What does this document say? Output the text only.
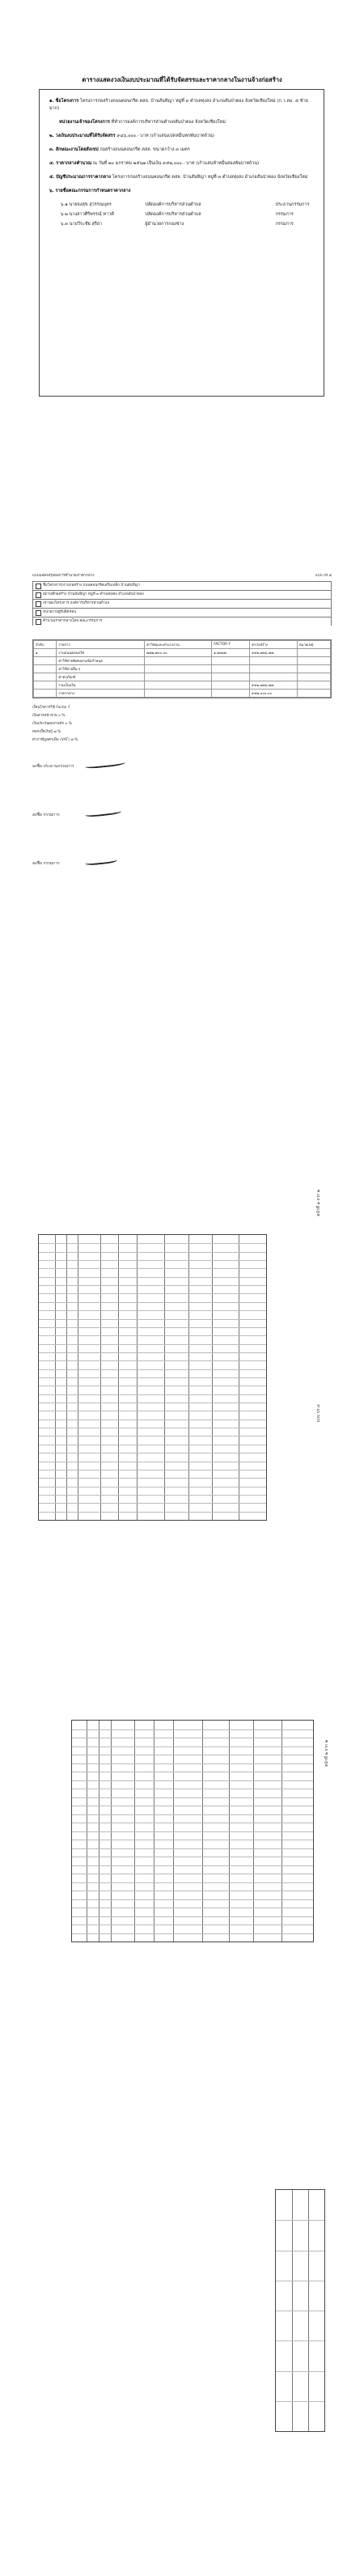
ตารางแสดงวงเงินงบประมาณที่ได้รับจัดสรรและราคากลางในงานจ้างก่อสร้าง
๑. ชื่อโครงการ โครงการก่อสร้างถนนคอนกรีต คสล. บ้านสันทิญา หมู่ที่ ๓ ตำบลทุ่งสง อำเภอสันป่าตอง จังหวัดเชียงใหม่ (ก.ว.ลม. ๕ ซ้ายมาก)
หน่วยงานเจ้าของโครงการ ที่ทำการองค์การบริหารส่วนตำบลสันป่าตอง จังหวัดเชียงใหม่
๒. วงเงินงบประมาณที่ได้รับจัดสรร ๙๘๖,๐๐๐.- บาท (เก้าแสนแปดหมื่นหกพันบาทถ้วน)
๓. ลักษณะงานโดยสังเขป ก่อสร้างถนนคอนกรีต คสล. ขนาดกว้าง ๓ เมตร
๔. ราคากลางคำนวณ ณ วันที่ ๒๐ มกราคม ๒๕๖๗ เป็นเงิน ๙๕๒,๐๐๐.- บาท (เก้าแสนห้าหมื่นสองพันบาทถ้วน)
๕. บัญชีประมาณการราคากลาง โครงการก่อสร้างถนนคอนกรีต คสล. บ้านสันทิญา หมู่ที่ ๓ ตำบลทุ่งสง อำเภอสันป่าตอง จังหวัดเชียงใหม่
๖. รายชื่อคณะกรรมการกำหนดราคากลาง
๖.๑ นายจงสุข สุวรรณบุตร	ปลัดองค์การบริหารส่วนตำบล	ประธานกรรมการ
๖.๒ นางสาวศิริพรรณ์ ทาวดี	ปลัดองค์การบริหารส่วนตำบล	กรรมการ
๖.๓ นายวีระชัย สุริยา	ผู้อำนวยการกองช่าง	กรรมการ
แบบแสดงสรุปผลการคำนวณราคากลาง	แบบ ปร.๕
ชื่อโครงการ/งานก่อสร้าง ถนนคอนกรีตเสริมเหล็ก บ้านสันทิญา
สถานที่ก่อสร้าง บ้านสันทิญา หมู่ที่ ๓ ตำบลทุ่งสง อำเภอสันป่าตอง
เจ้าของโครงการ องค์การบริหารส่วนตำบล
หน่วยงานผู้รับผิดชอบ
คำนวณราคากลางโดย คณะกรรมการ
ลำดับ	รายการ	ค่าวัสดุและค่าแรงงาน	FACTOR F	ค่าก่อสร้าง	หมายเหตุ
๑	งานถนนคอนกรีต	๗๗๒,๗๐๐.๐๐	๑.๒๓๑๗	๙๕๑,๗๓๖.๗๗	
	ค่าใช้จ่ายพิเศษตามข้อกำหนด				
	ค่าใช้จ่ายอื่น ๆ				
	ค่าครุภัณฑ์				
	รวมเป็นเงิน			๙๕๑,๗๓๖.๗๗	
	ราคากลาง			๙๕๒,๐๐๐.๐๐	
เงื่อนไขการใช้ Factor F
เงินล่วงหน้าจ่าย ๐ %
เงินประกันผลงานหัก ๐ %
ดอกเบี้ยเงินกู้ ๗ %
ค่าภาษีมูลค่าเพิ่ม (VAT) ๗ %
ลงชื่อ ประธานกรรมการ
ลงชื่อ กรรมการ
ลงชื่อ กรรมการ
หน้าที่ ๑ จาก ๒
แบบ ปร.๔
หน้าที่ ๒ จาก ๒
